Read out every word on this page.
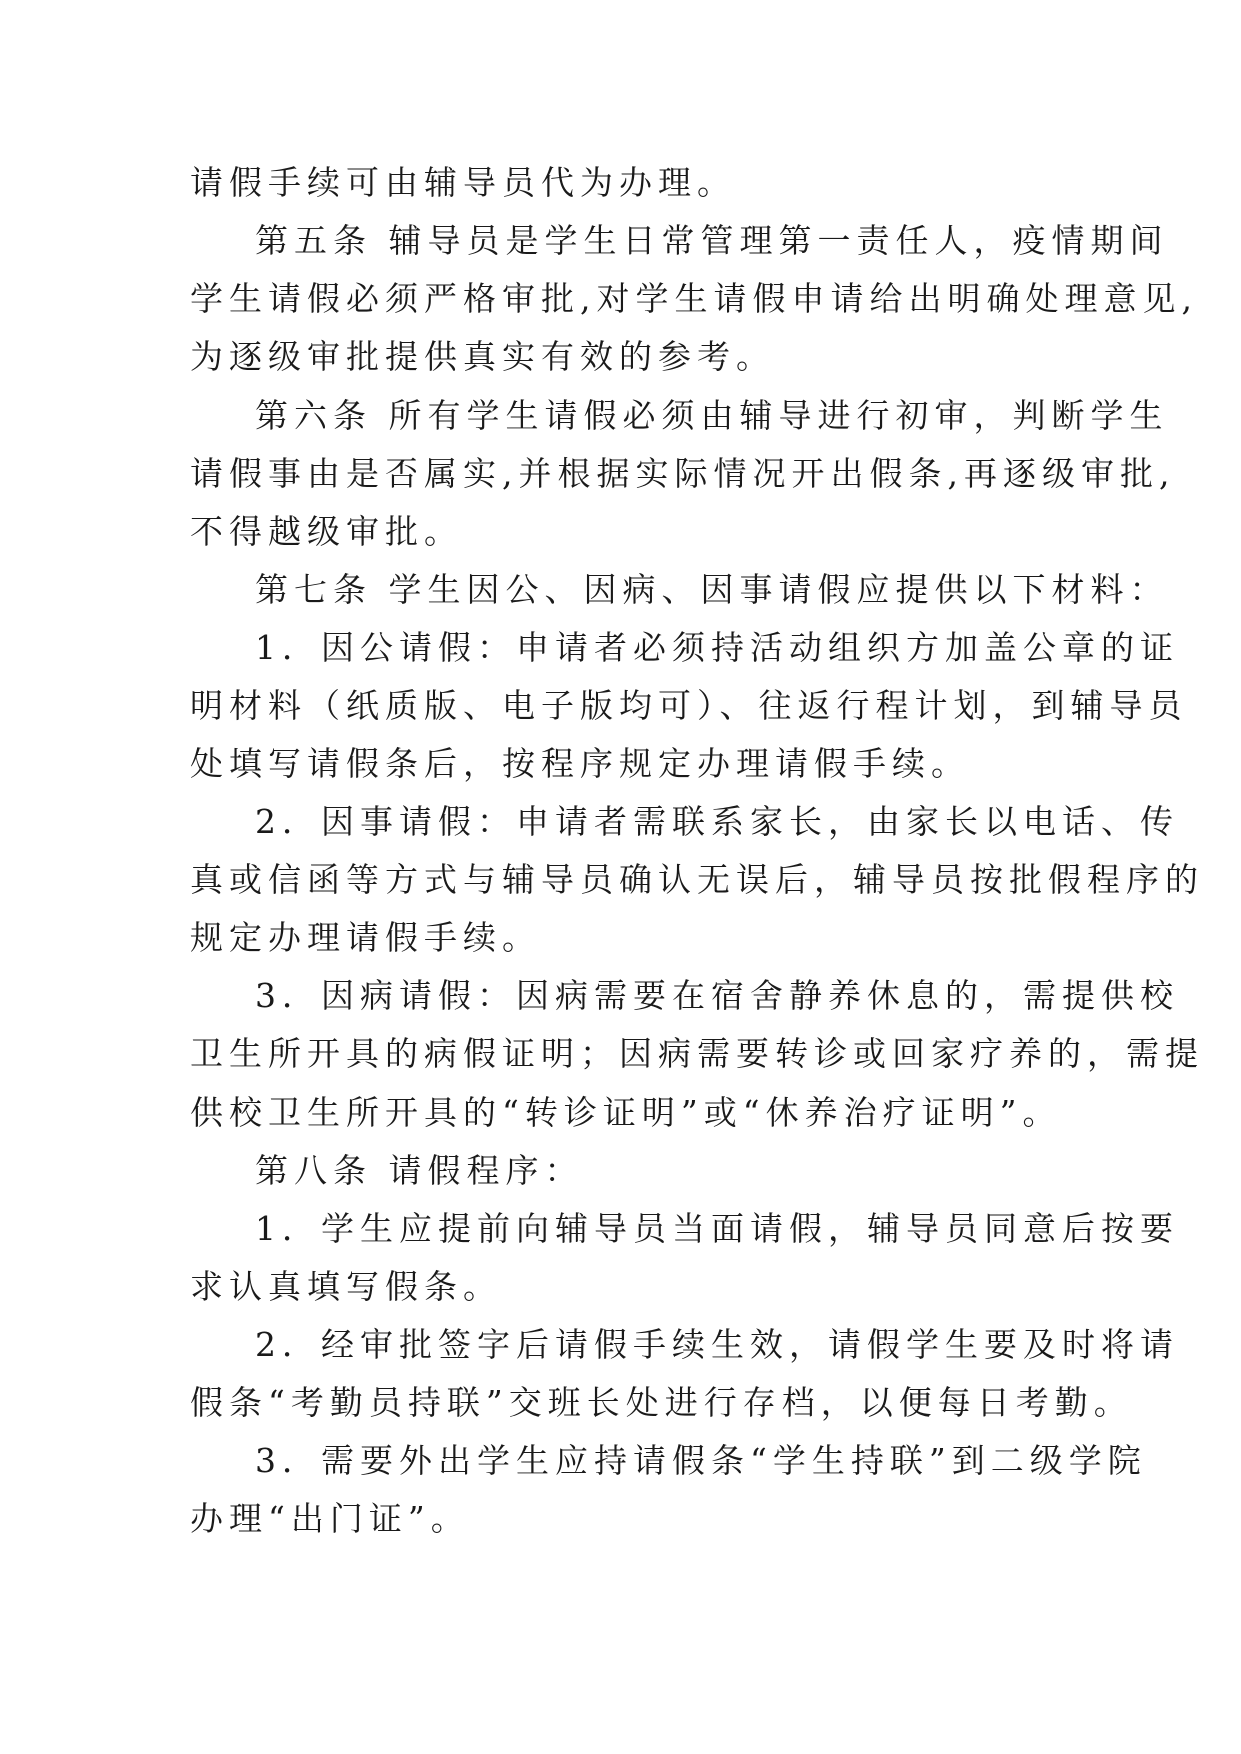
请假手续可由辅导员代为办理。
第五条 辅导员是学生日常管理第一责任人，疫情期间
学生请假必须严格审批,对学生请假申请给出明确处理意见,
为逐级审批提供真实有效的参考。
第六条 所有学生请假必须由辅导进行初审，判断学生
请假事由是否属实,并根据实际情况开出假条,再逐级审批,
不得越级审批。
第七条 学生因公、因病、因事请假应提供以下材料：
1．因公请假：申请者必须持活动组织方加盖公章的证
明材料（纸质版、电子版均可）、往返行程计划，到辅导员
处填写请假条后，按程序规定办理请假手续。
2．因事请假：申请者需联系家长，由家长以电话、传
真或信函等方式与辅导员确认无误后，辅导员按批假程序的
规定办理请假手续。
3．因病请假：因病需要在宿舍静养休息的，需提供校
卫生所开具的病假证明；因病需要转诊或回家疗养的，需提
供校卫生所开具的“转诊证明”或“休养治疗证明”。
第八条 请假程序：
1．学生应提前向辅导员当面请假，辅导员同意后按要
求认真填写假条。
2．经审批签字后请假手续生效，请假学生要及时将请
假条“考勤员持联”交班长处进行存档，以便每日考勤。
3．需要外出学生应持请假条“学生持联”到二级学院
办理“出门证”。
